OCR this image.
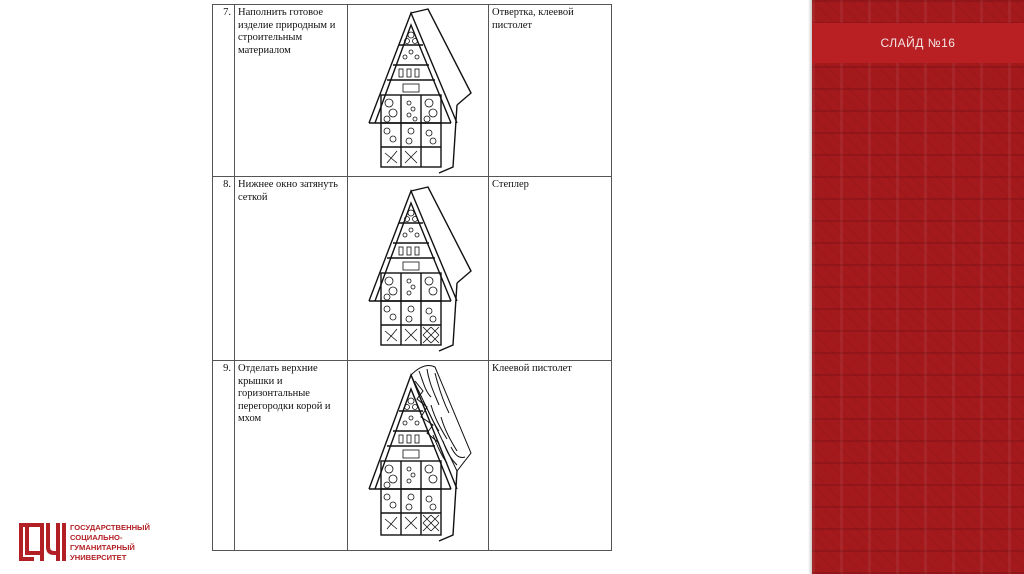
7.	Наполнить готовое изделие природным и строительным материалом		Отвертка, клеевой пистолет
8.	Нижнее окно затянуть сеткой		Степлер
9.	Отделать верхние крышки и горизонтальные перегородки корой и мхом		Клеевой пистолет
СЛАЙД №16
ГОСУДАРСТВЕННЫЙ
СОЦИАЛЬНО-
ГУМАНИТАРНЫЙ
УНИВЕРСИТЕТ
